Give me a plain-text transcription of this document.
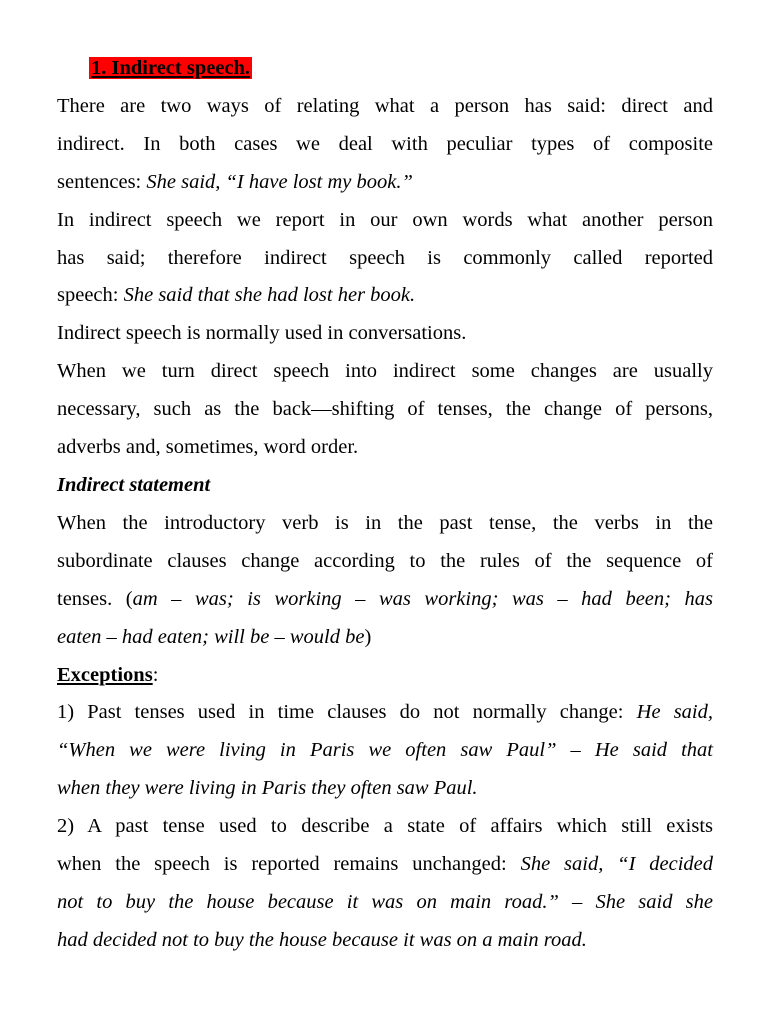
1. Indirect speech.

There are two ways of relating what a person has said: direct and
indirect. In both cases we deal with peculiar types of composite
sentences: She said, “I have lost my book.”

In indirect speech we report in our own words what another person
has said; therefore indirect speech is commonly called reported
speech: She said that she had lost her book.

Indirect speech is normally used in conversations.

When we turn direct speech into indirect some changes are usually
necessary, such as the back—shifting of tenses, the change of persons,
adverbs and, sometimes, word order.

Indirect statement

When the introductory verb is in the past tense, the verbs in the
subordinate clauses change according to the rules of the sequence of
tenses. (am – was; is working – was working; was – had been; has
eaten – had eaten; will be – would be)

Exceptions:

1) Past tenses used in time clauses do not normally change: He said,
“When we were living in Paris we often saw Paul” – He said that
when they were living in Paris they often saw Paul.

2) A past tense used to describe a state of affairs which still exists
when the speech is reported remains unchanged: She said, “I decided
not to buy the house because it was on main road.” – She said she
had decided not to buy the house because it was on a main road.
